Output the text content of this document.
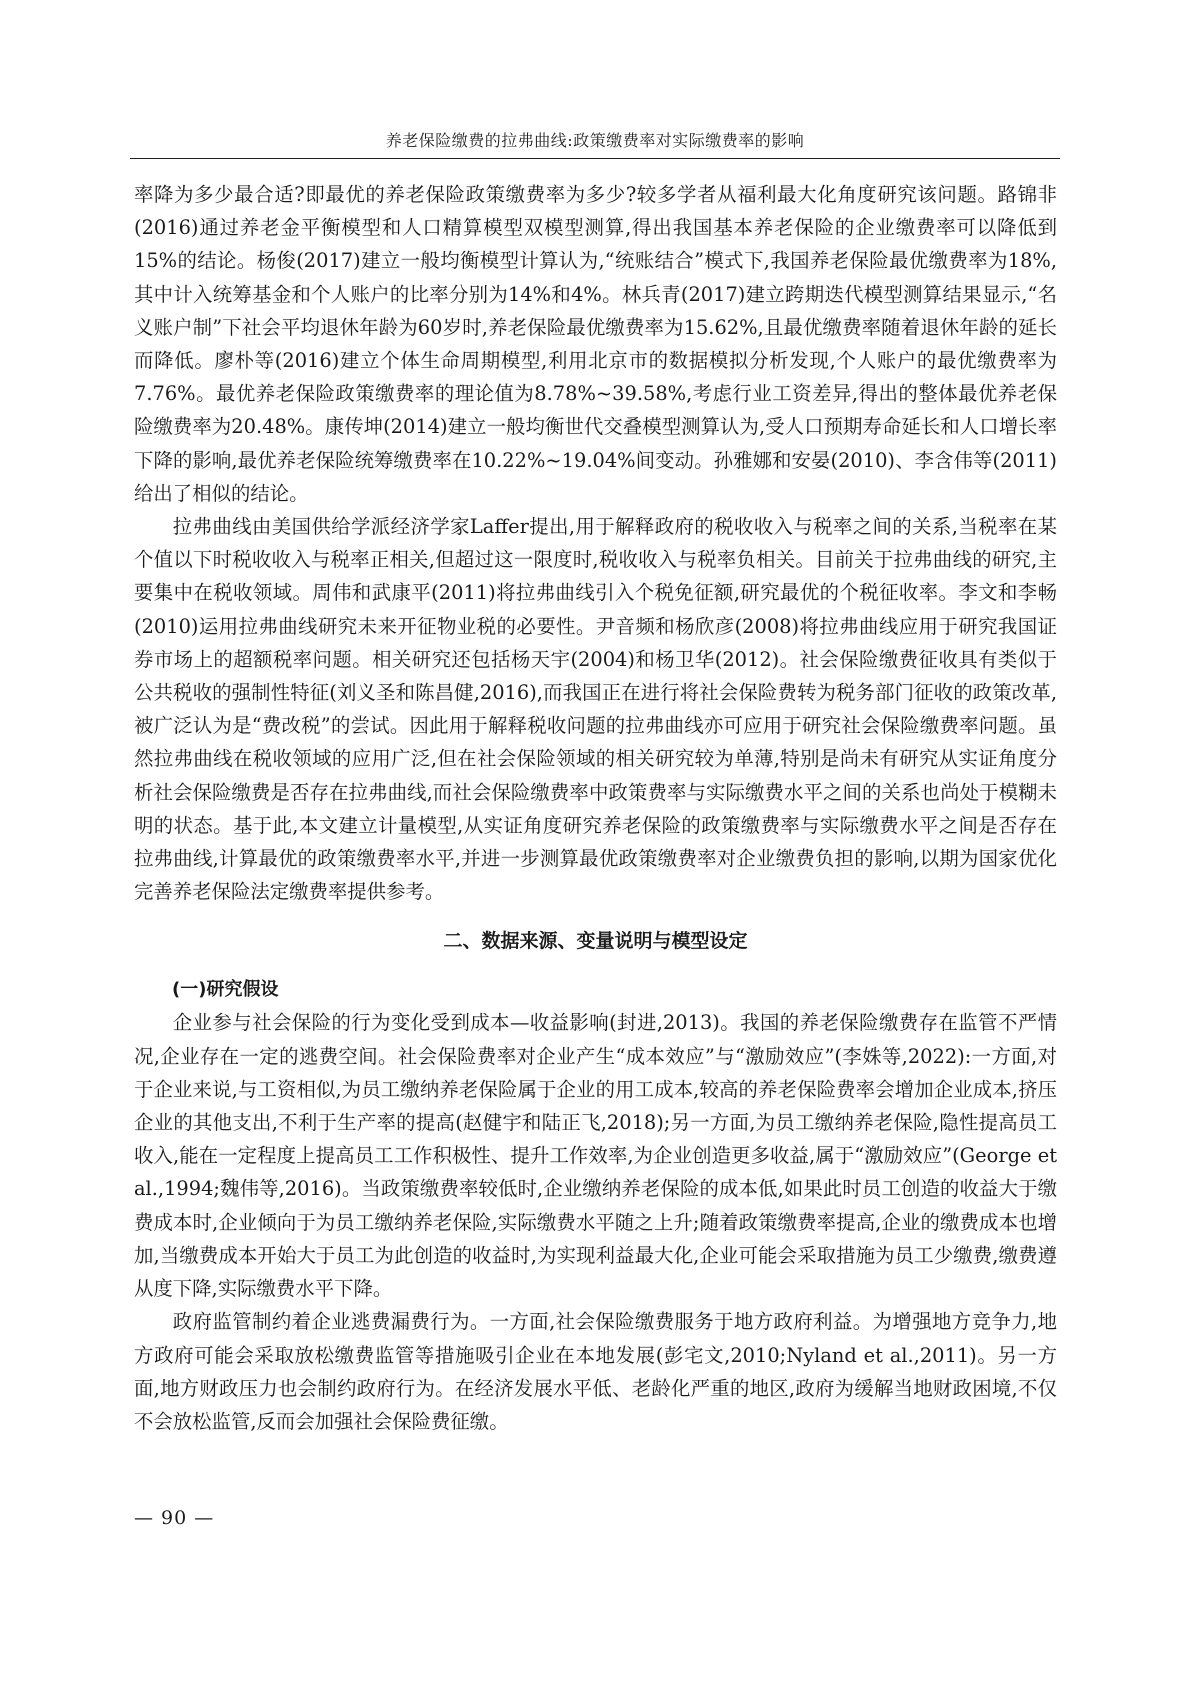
养老保险缴费的拉弗曲线:政策缴费率对实际缴费率的影响

率降为多少最合适?即最优的养老保险政策缴费率为多少?较多学者从福利最大化角度研究该问题。路锦非(2016)通过养老金平衡模型和人口精算模型双模型测算,得出我国基本养老保险的企业缴费率可以降低到15%的结论。杨俊(2017)建立一般均衡模型计算认为,“统账结合”模式下,我国养老保险最优缴费率为18%,其中计入统筹基金和个人账户的比率分别为14%和4%。林兵青(2017)建立跨期迭代模型测算结果显示,“名义账户制”下社会平均退休年龄为60岁时,养老保险最优缴费率为15.62%,且最优缴费率随着退休年龄的延长而降低。廖朴等(2016)建立个体生命周期模型,利用北京市的数据模拟分析发现,个人账户的最优缴费率为7.76%。最优养老保险政策缴费率的理论值为8.78%~39.58%,考虑行业工资差异,得出的整体最优养老保险缴费率为20.48%。康传坤(2014)建立一般均衡世代交叠模型测算认为,受人口预期寿命延长和人口增长率下降的影响,最优养老保险统筹缴费率在10.22%~19.04%间变动。孙雅娜和安晏(2010)、李含伟等(2011)给出了相似的结论。

拉弗曲线由美国供给学派经济学家Laffer提出,用于解释政府的税收收入与税率之间的关系,当税率在某个值以下时税收收入与税率正相关,但超过这一限度时,税收收入与税率负相关。目前关于拉弗曲线的研究,主要集中在税收领域。周伟和武康平(2011)将拉弗曲线引入个税免征额,研究最优的个税征收率。李文和李畅(2010)运用拉弗曲线研究未来开征物业税的必要性。尹音频和杨欣彦(2008)将拉弗曲线应用于研究我国证券市场上的超额税率问题。相关研究还包括杨天宇(2004)和杨卫华(2012)。社会保险缴费征收具有类似于公共税收的强制性特征(刘义圣和陈昌健,2016),而我国正在进行将社会保险费转为税务部门征收的政策改革,被广泛认为是“费改税”的尝试。因此用于解释税收问题的拉弗曲线亦可应用于研究社会保险缴费率问题。虽然拉弗曲线在税收领域的应用广泛,但在社会保险领域的相关研究较为单薄,特别是尚未有研究从实证角度分析社会保险缴费是否存在拉弗曲线,而社会保险缴费率中政策费率与实际缴费水平之间的关系也尚处于模糊未明的状态。基于此,本文建立计量模型,从实证角度研究养老保险的政策缴费率与实际缴费水平之间是否存在拉弗曲线,计算最优的政策缴费率水平,并进一步测算最优政策缴费率对企业缴费负担的影响,以期为国家优化完善养老保险法定缴费率提供参考。

二、数据来源、变量说明与模型设定
(一)研究假设

企业参与社会保险的行为变化受到成本—收益影响(封进,2013)。我国的养老保险缴费存在监管不严情况,企业存在一定的逃费空间。社会保险费率对企业产生“成本效应”与“激励效应”(李姝等,2022):一方面,对于企业来说,与工资相似,为员工缴纳养老保险属于企业的用工成本,较高的养老保险费率会增加企业成本,挤压企业的其他支出,不利于生产率的提高(赵健宇和陆正飞,2018);另一方面,为员工缴纳养老保险,隐性提高员工收入,能在一定程度上提高员工工作积极性、提升工作效率,为企业创造更多收益,属于“激励效应”(George et al.,1994;魏伟等,2016)。当政策缴费率较低时,企业缴纳养老保险的成本低,如果此时员工创造的收益大于缴费成本时,企业倾向于为员工缴纳养老保险,实际缴费水平随之上升;随着政策缴费率提高,企业的缴费成本也增加,当缴费成本开始大于员工为此创造的收益时,为实现利益最大化,企业可能会采取措施为员工少缴费,缴费遵从度下降,实际缴费水平下降。

政府监管制约着企业逃费漏费行为。一方面,社会保险缴费服务于地方政府利益。为增强地方竞争力,地方政府可能会采取放松缴费监管等措施吸引企业在本地发展(彭宅文,2010;Nyland et al.,2011)。另一方面,地方财政压力也会制约政府行为。在经济发展水平低、老龄化严重的地区,政府为缓解当地财政困境,不仅不会放松监管,反而会加强社会保险费征缴。

— 90 —
